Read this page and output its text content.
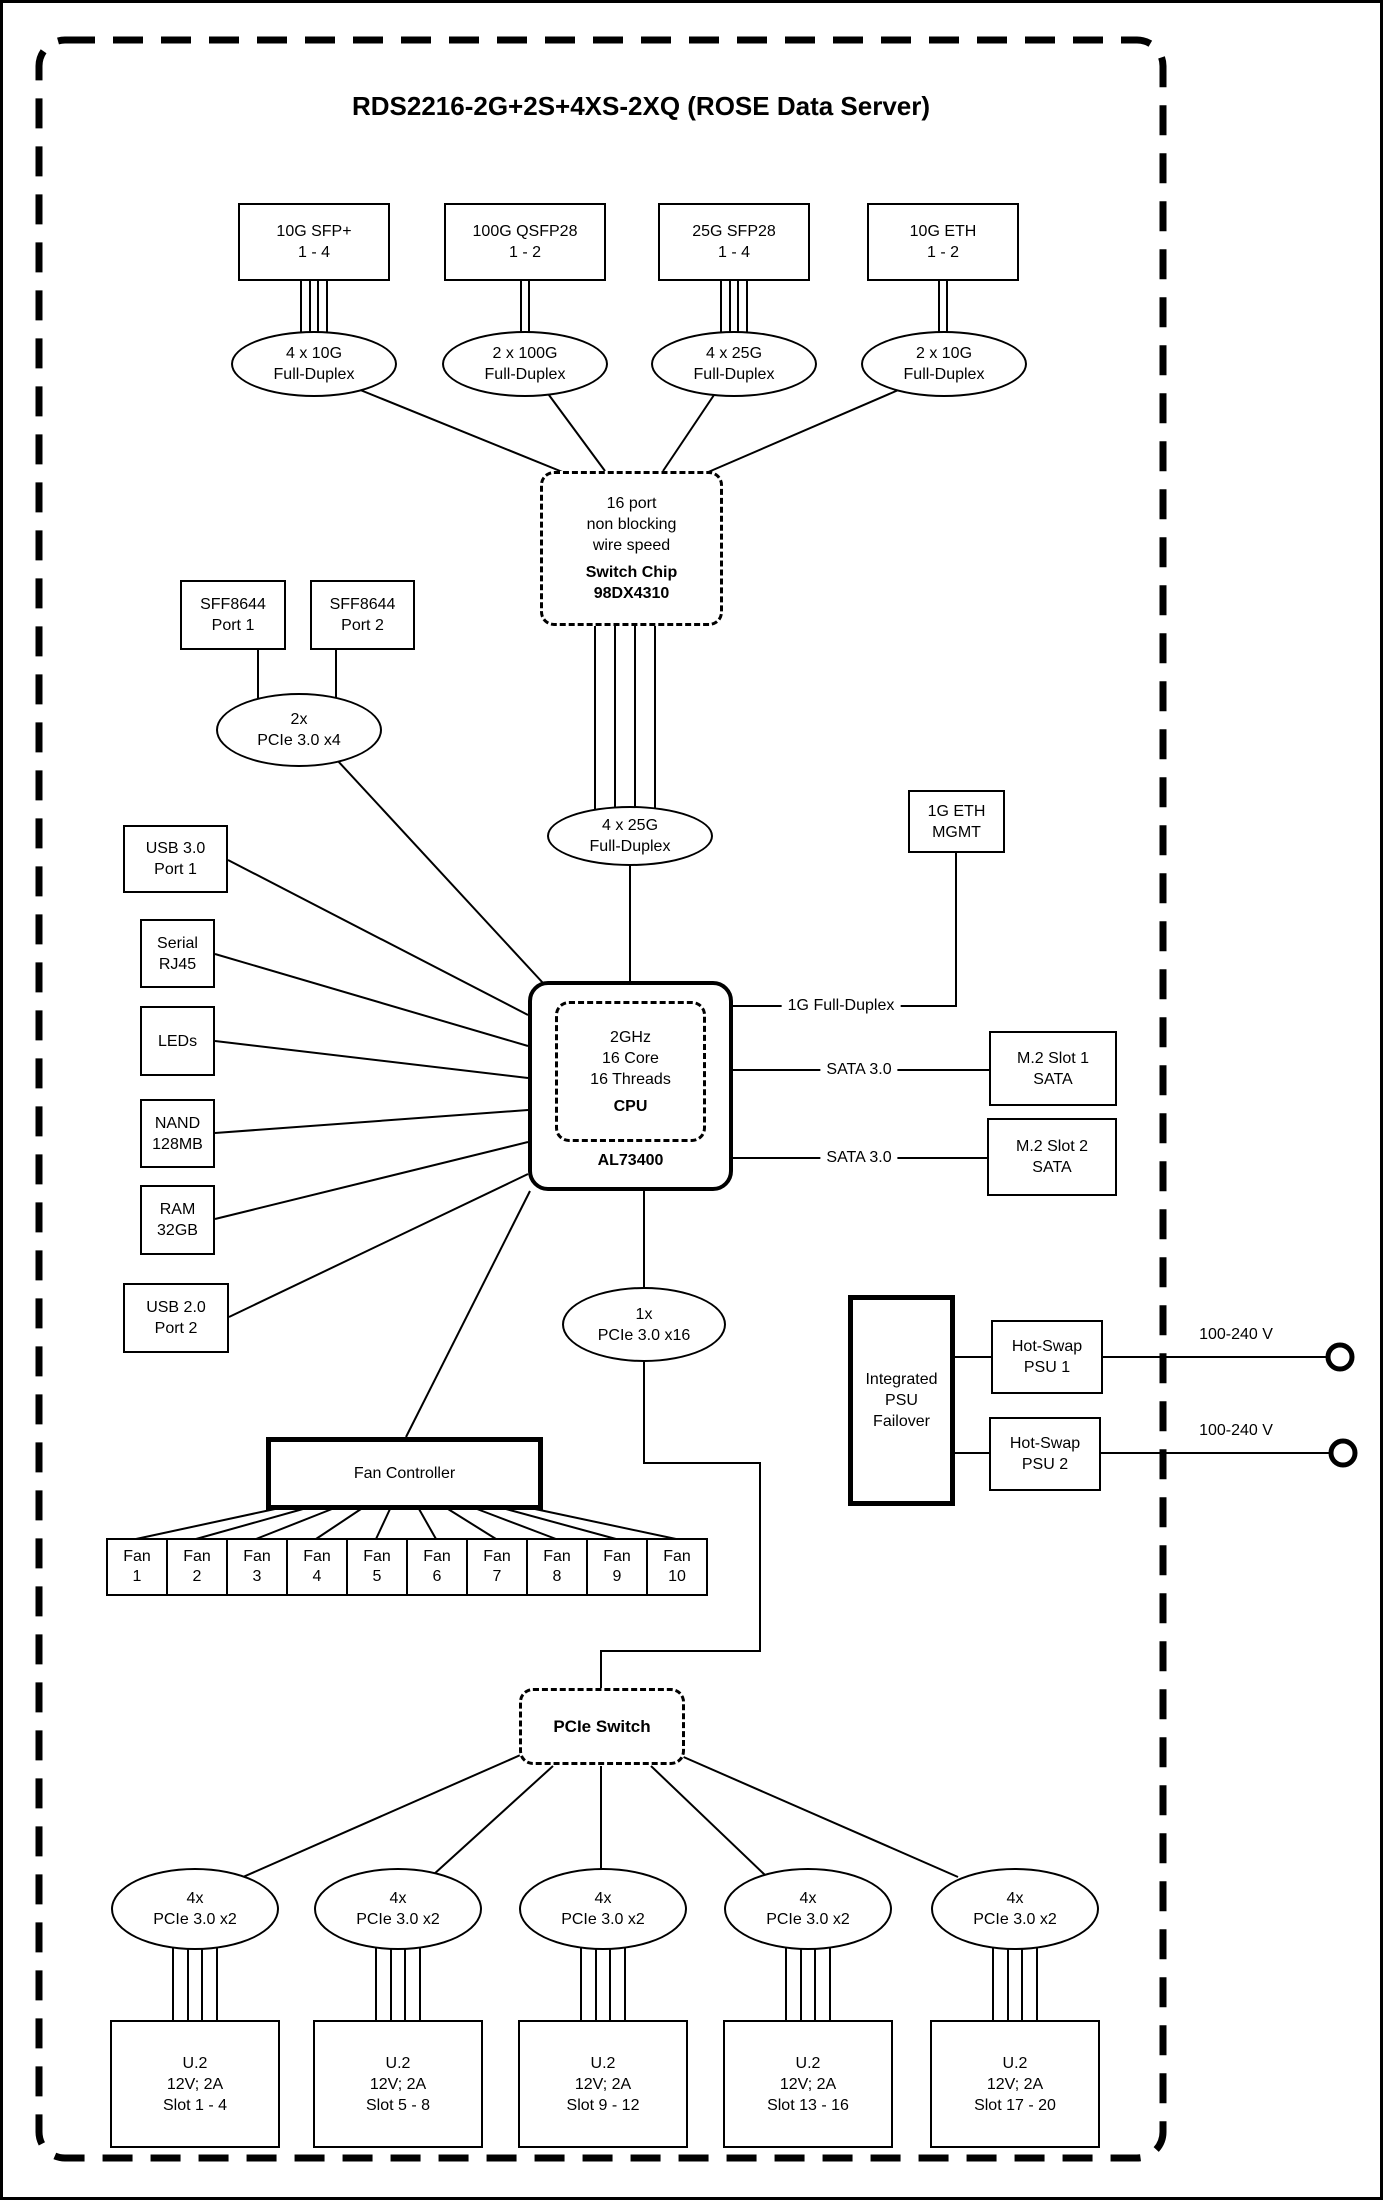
RDS2216-2G+2S+4XS-2XQ (ROSE Data Server)
10G SFP+
1 - 4
100G QSFP28
1 - 2
25G SFP28
1 - 4
10G ETH
1 - 2
4 x 10G
Full-Duplex
2 x 100G
Full-Duplex
4 x 25G
Full-Duplex
2 x 10G
Full-Duplex
16 port
non blocking
wire speed
Switch Chip
98DX4310
SFF8644
Port 1
SFF8644
Port 2
2x
PCIe 3.0 x4
4 x 25G
Full-Duplex
1G ETH
MGMT
USB 3.0
Port 1
Serial
RJ45
LEDs
NAND
128MB
RAM
32GB
USB 2.0
Port 2
2GHz
16 Core
16 Threads
CPU
AL73400
1G Full-Duplex
SATA 3.0
SATA 3.0
M.2 Slot 1
SATA
M.2 Slot 2
SATA
1x
PCIe 3.0 x16
Integrated
PSU
Failover
Hot-Swap
PSU 1
Hot-Swap
PSU 2
100-240 V
100-240 V
Fan Controller
Fan
1
Fan
2
Fan
3
Fan
4
Fan
5
Fan
6
Fan
7
Fan
8
Fan
9
Fan
10
PCIe Switch
4x
PCIe 3.0 x2
4x
PCIe 3.0 x2
4x
PCIe 3.0 x2
4x
PCIe 3.0 x2
4x
PCIe 3.0 x2
U.2
12V; 2A
Slot 1 - 4
U.2
12V; 2A
Slot 5 - 8
U.2
12V; 2A
Slot 9 - 12
U.2
12V; 2A
Slot 13 - 16
U.2
12V; 2A
Slot 17 - 20
